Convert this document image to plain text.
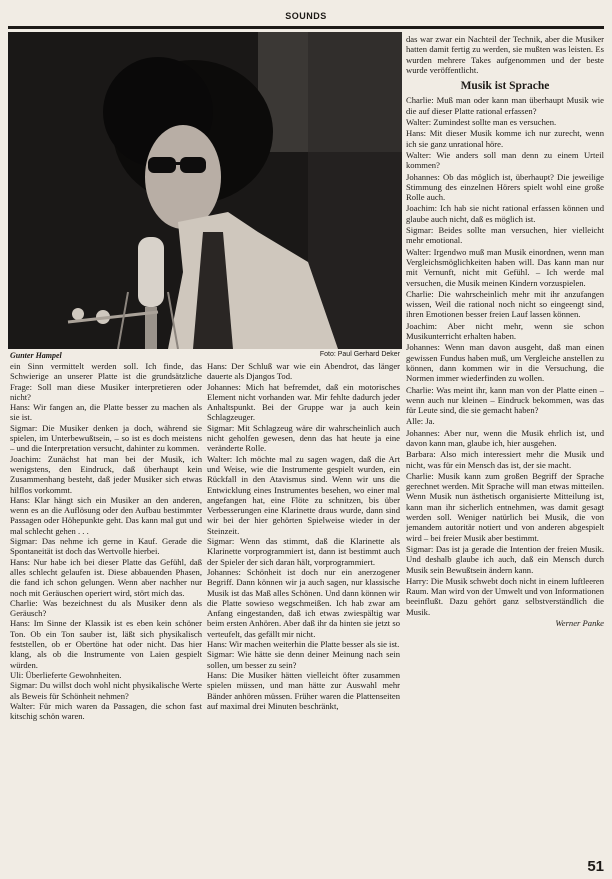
SOUNDS
Gunter Hampel	Foto: Paul Gerhard Deker

ein Sinn vermittelt werden soll. Ich finde, das Schwierige an unserer Platte ist die grundsätzliche Frage: Soll man diese Musiker interpretieren oder nicht?

Hans: Wir fangen an, die Platte besser zu machen als sie ist.

Sigmar: Die Musiker denken ja doch, während sie spielen, im Unterbewußtsein, – so ist es doch meistens – und die Interpretation versucht, dahinter zu kommen.

Joachim: Zunächst hat man bei der Musik, ich wenigstens, den Eindruck, daß überhaupt kein Zusammenhang besteht, daß jeder Musiker sich etwas hilflos vorkommt.

Hans: Klar hängt sich ein Musiker an den anderen, wenn es an die Auflösung oder den Aufbau bestimmter Passagen oder Höhepunkte geht. Das kann mal gut und mal schlecht gehen . . .

Sigmar: Das nehme ich gerne in Kauf. Gerade die Spontaneität ist doch das Wertvolle hierbei.

Hans: Nur habe ich bei dieser Platte das Gefühl, daß alles schlecht gelaufen ist. Diese abbauenden Phasen, die fand ich schon gelungen. Wenn aber nachher nur noch mit Geräuschen operiert wird, stört mich das.

Charlie: Was bezeichnest du als Musiker denn als Geräusch?

Hans: Im Sinne der Klassik ist es eben kein schöner Ton. Ob ein Ton sauber ist, läßt sich physikalisch feststellen, ob er Obertöne hat oder nicht. Das hier klang, als ob die Instrumente von Laien gespielt würden.

Uli: Überlieferte Gewohnheiten.

Sigmar: Du willst doch wohl nicht physikalische Werte als Beweis für Schönheit nehmen?

Walter: Für mich waren da Passagen, die schon fast kitschig schön waren.

Hans: Der Schluß war wie ein Abendrot, das länger dauerte als Djangos Tod.

Johannes: Mich hat befremdet, daß ein motorisches Element nicht vorhanden war. Mir fehlte dadurch jeder Anhaltspunkt. Bei der Gruppe war ja auch kein Schlagzeuger.

Sigmar: Mit Schlagzeug wäre dir wahrscheinlich auch nicht geholfen gewesen, denn das hat heute ja eine veränderte Rolle.

Walter: Ich möchte mal zu sagen wagen, daß die Art und Weise, wie die Instrumente gespielt wurden, ein Rückfall in den Atavismus sind. Wenn wir uns die Entwicklung eines Instrumentes besehen, wo einer mal angefangen hat, eine Flöte zu schnitzen, bis über Verbesserungen eine Klarinette draus wurde, dann sind wir bei der hier gehörten Spielweise wieder in der Steinzeit.

Sigmar: Wenn das stimmt, daß die Klarinette als Klarinette vorprogrammiert ist, dann ist bestimmt auch der Spieler der sich daran hält, vorprogrammiert.

Johannes: Schönheit ist doch nur ein anerzogener Begriff. Dann können wir ja auch sagen, nur klassische Musik ist das Maß alles Schönen. Und dann können wir die Platte sowieso wegschmeißen. Ich hab zwar am Anfang eingestanden, daß ich etwas zwiespältig war beim ersten Anhören. Aber daß ihr da hinten sie jetzt so verteufelt, das gefällt mir nicht.

Hans: Wir machen weiterhin die Platte besser als sie ist.

Sigmar: Wie hätte sie denn deiner Meinung nach sein sollen, um besser zu sein?

Hans: Die Musiker hätten vielleicht öfter zusammen spielen müssen, und man hätte zur Auswahl mehr Bänder anhören müssen. Früher waren die Plattenseiten auf maximal drei Minuten beschränkt,

das war zwar ein Nachteil der Technik, aber die Musiker hatten damit fertig zu werden, sie mußten was leisten. Es wurden mehrere Takes aufgenommen und der beste wurde veröffentlicht.

Musik ist Sprache

Charlie: Muß man oder kann man überhaupt Musik wie die auf dieser Platte rational erfassen?

Walter: Zumindest sollte man es versuchen.

Hans: Mit dieser Musik komme ich nur zurecht, wenn ich sie ganz unrational höre.

Walter: Wie anders soll man denn zu einem Urteil kommen?

Johannes: Ob das möglich ist, überhaupt? Die jeweilige Stimmung des einzelnen Hörers spielt wohl eine große Rolle auch.

Joachim: Ich hab sie nicht rational erfassen können und glaube auch nicht, daß es möglich ist.

Sigmar: Beides sollte man versuchen, hier vielleicht mehr emotional.

Walter: Irgendwo muß man Musik einordnen, wenn man Vergleichsmöglichkeiten haben will. Das kann man nur mit Vernunft, nicht mit Gefühl. – Ich werde mal versuchen, die Musik meinen Kindern vorzuspielen.

Charlie: Die wahrscheinlich mehr mit ihr anzufangen wissen, Weil die rational noch nicht so eingeengt sind, ihren Emotionen besser freien Lauf lassen können.

Joachim: Aber nicht mehr, wenn sie schon Musikunterricht erhalten haben.

Johannes: Wenn man davon ausgeht, daß man einen gewissen Fundus haben muß, um Vergleiche anstellen zu können, dann kommen wir in die Versuchung, die Normen immer wiederfinden zu wollen.

Charlie: Was meint ihr, kann man von der Platte einen – wenn auch nur kleinen – Eindruck bekommen, was das für Leute sind, die sie gemacht haben?

Alle: Ja.

Johannes: Aber nur, wenn die Musik ehrlich ist, und davon kann man, glaube ich, hier ausgehen.

Barbara: Also mich interessiert mehr die Musik und nicht, was für ein Mensch das ist, der sie macht.

Charlie: Musik kann zum großen Begriff der Sprache gerechnet werden. Mit Sprache will man etwas mitteilen. Wenn Musik nun ästhetisch organisierte Mitteilung ist, kann man ihr sicherlich entnehmen, was damit gesagt werden soll. Weniger natürlich bei Musik, die von jemandem autoritär notiert und von anderen abgespielt wird – bei freier Musik aber bestimmt.

Sigmar: Das ist ja gerade die Intention der freien Musik. Und deshalb glaube ich auch, daß ein Mensch durch Musik sein Bewußtsein ändern kann.

Harry: Die Musik schwebt doch nicht in einem luftleeren Raum. Man wird von der Umwelt und von Informationen beeinflußt. Dazu gehört ganz selbstverständlich die Musik.

Werner Panke

51
